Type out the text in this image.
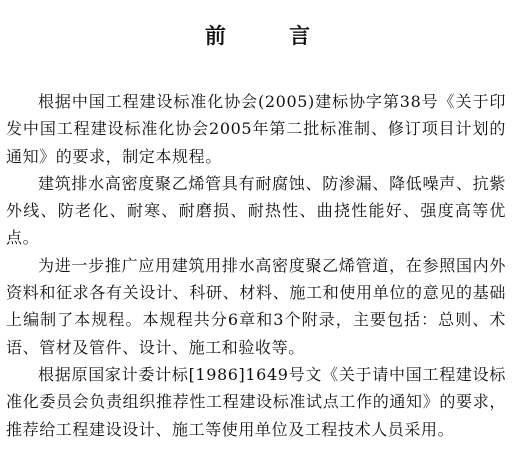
前 言

根据中国工程建设标准化协会(2005)建标协字第38号《关于印发中国工程建设标准化协会2005年第二批标准制、修订项目计划的通知》的要求，制定本规程。

建筑排水高密度聚乙烯管具有耐腐蚀、防渗漏、降低噪声、抗紫外线、防老化、耐寒、耐磨损、耐热性、曲挠性能好、强度高等优点。

为进一步推广应用建筑用排水高密度聚乙烯管道，在参照国内外资料和征求各有关设计、科研、材料、施工和使用单位的意见的基础上编制了本规程。本规程共分6章和3个附录，主要包括：总则、术语、管材及管件、设计、施工和验收等。

根据原国家计委计标[1986]1649号文《关于请中国工程建设标准化委员会负责组织推荐性工程建设标准试点工作的通知》的要求，推荐给工程建设设计、施工等使用单位及工程技术人员采用。
